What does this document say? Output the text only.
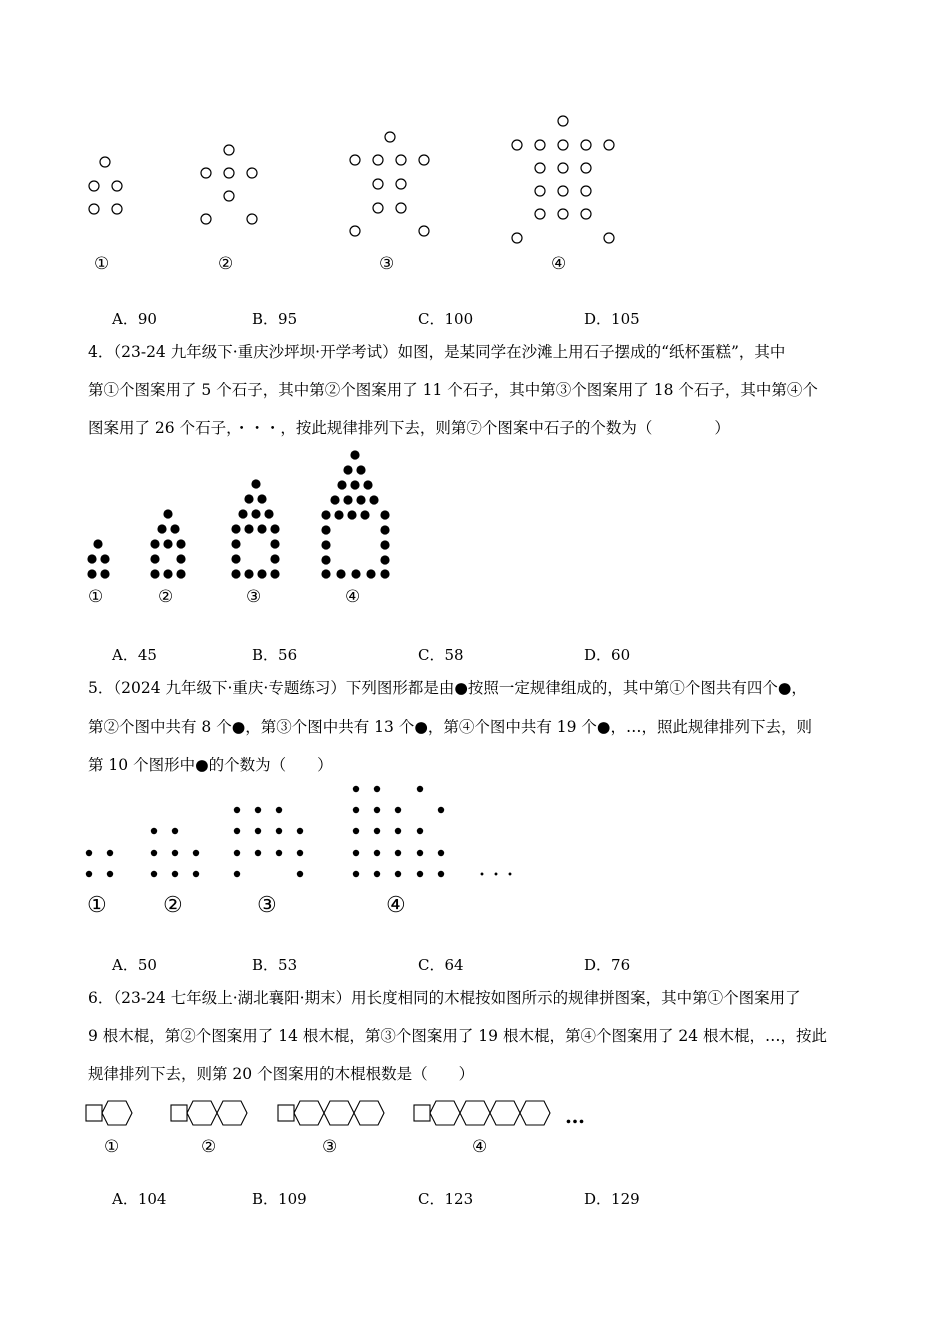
①	②	③	④
A．90	B．95	C．100	D．105
4．（23-24 九年级下·重庆沙坪坝·开学考试）如图，是某同学在沙滩上用石子摆成的“纸杯蛋糕”，其中
第①个图案用了 5 个石子，其中第②个图案用了 11 个石子，其中第③个图案用了 18 个石子，其中第④个
图案用了 26 个石子，・・・，按此规律排列下去，则第⑦个图案中石子的个数为（　　　　）
①	②	③	④
A．45	B．56	C．58	D．60
5．（2024 九年级下·重庆·专题练习）下列图形都是由●按照一定规律组成的，其中第①个图共有四个●，
第②个图中共有 8 个●，第③个图中共有 13 个●，第④个图中共有 19 个●，…，照此规律排列下去，则
第 10 个图形中●的个数为（　　）
・・・
①	②	③	④
A．50	B．53	C．64	D．76
6．（23-24 七年级上·湖北襄阳·期末）用长度相同的木棍按如图所示的规律拼图案，其中第①个图案用了
9 根木棍，第②个图案用了 14 根木棍，第③个图案用了 19 根木棍，第④个图案用了 24 根木棍，…，按此
规律排列下去，则第 20 个图案用的木棍根数是（　　）
…
①	②	③	④
A．104	B．109	C．123	D．129
